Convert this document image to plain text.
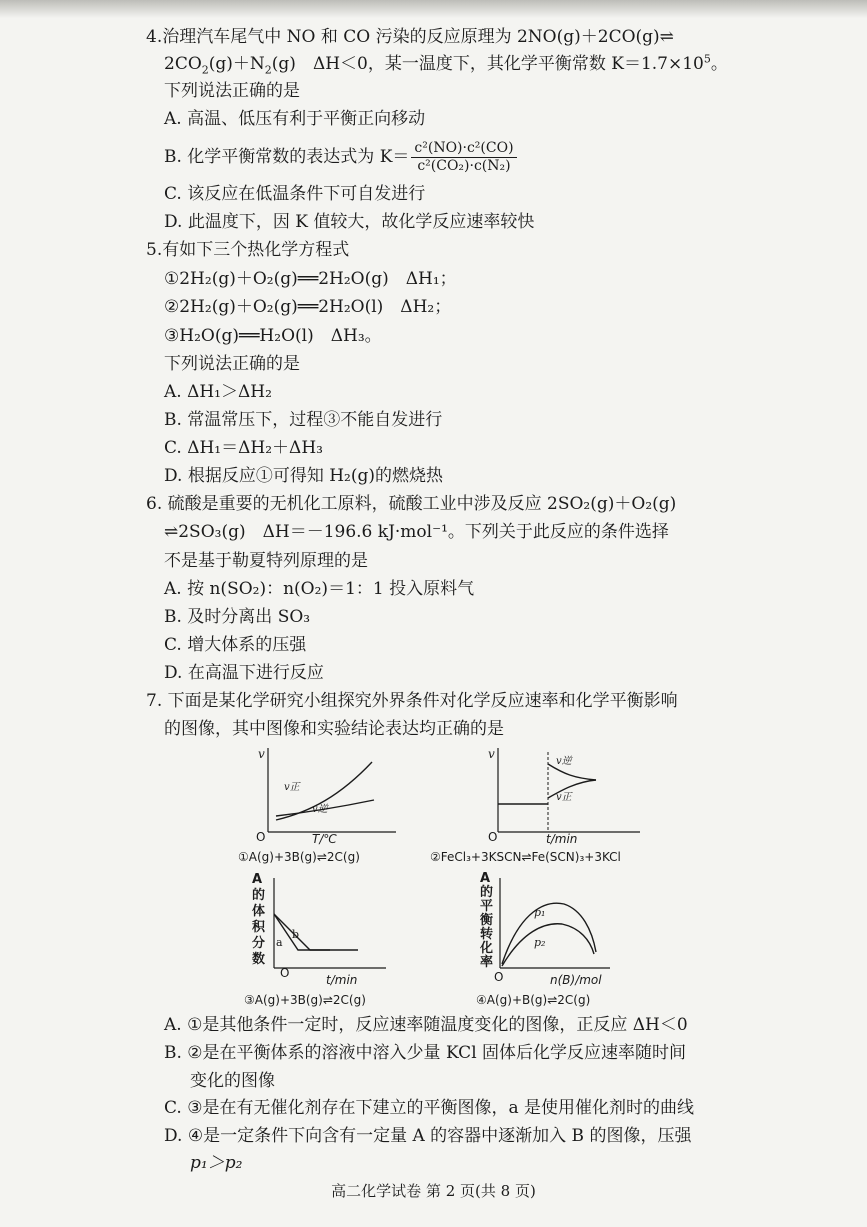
4.治理汽车尾气中 NO 和 CO 污染的反应原理为 2NO(g)＋2CO(g)⇌
$2CO_2(g)+N_2(g)$　ΔH＜0，某一温度下，其化学平衡常数 $K=1.7\times 10^5$。
下列说法正确的是
A. 高温、低压有利于平衡正向移动
B. 化学平衡常数的表达式为 $K= \frac{\text{c²(NO)·c²(CO)}}{\text{c²(CO₂)·c(N₂)}}$
C. 该反应在低温条件下可自发进行
D. 此温度下，因 K 值较大，故化学反应速率较快
5.有如下三个热化学方程式
①2H₂(g)＋O₂(g)══2H₂O(g)　ΔH₁；
②2H₂(g)＋O₂(g)══2H₂O(l)　ΔH₂；
③H₂O(g)══H₂O(l)　ΔH₃。
下列说法正确的是
A. ΔH₁＞ΔH₂
B. 常温常压下，过程③不能自发进行
C. ΔH₁＝ΔH₂＋ΔH₃
D. 根据反应①可得知 H₂(g)的燃烧热
6. 硫酸是重要的无机化工原料，硫酸工业中涉及反应 2SO₂(g)＋O₂(g)
⇌2SO₃(g)　ΔH＝－196.6 kJ·mol⁻¹。下列关于此反应的条件选择
不是基于勒夏特列原理的是
A. 按 n(SO₂)：n(O₂)＝1：1 投入原料气
B. 及时分离出 SO₃
C. 增大体系的压强
D. 在高温下进行反应
7. 下面是某化学研究小组探究外界条件对化学反应速率和化学平衡影响
的图像，其中图像和实验结论表达均正确的是
v
v正
v逆
O	T/℃
①A(g)+3B(g)⇌2C(g)
v
v逆
v正
O	t/min
②FeCl₃+3KSCN⇌Fe(SCN)₃+3KCl
A的体积分数
a
b
O	t/min
③A(g)+3B(g)⇌2C(g)
A的平衡转化率
p₁
p₂
O	n(B)/mol
④A(g)+B(g)⇌2C(g)
A. ①是其他条件一定时，反应速率随温度变化的图像，正反应 ΔH＜0
B. ②是在平衡体系的溶液中溶入少量 KCl 固体后化学反应速率随时间
变化的图像
C. ③是在有无催化剂存在下建立的平衡图像，a 是使用催化剂时的曲线
D. ④是一定条件下向含有一定量 A 的容器中逐渐加入 B 的图像，压强
p₁＞p₂
高二化学试卷 第 2 页(共 8 页)
